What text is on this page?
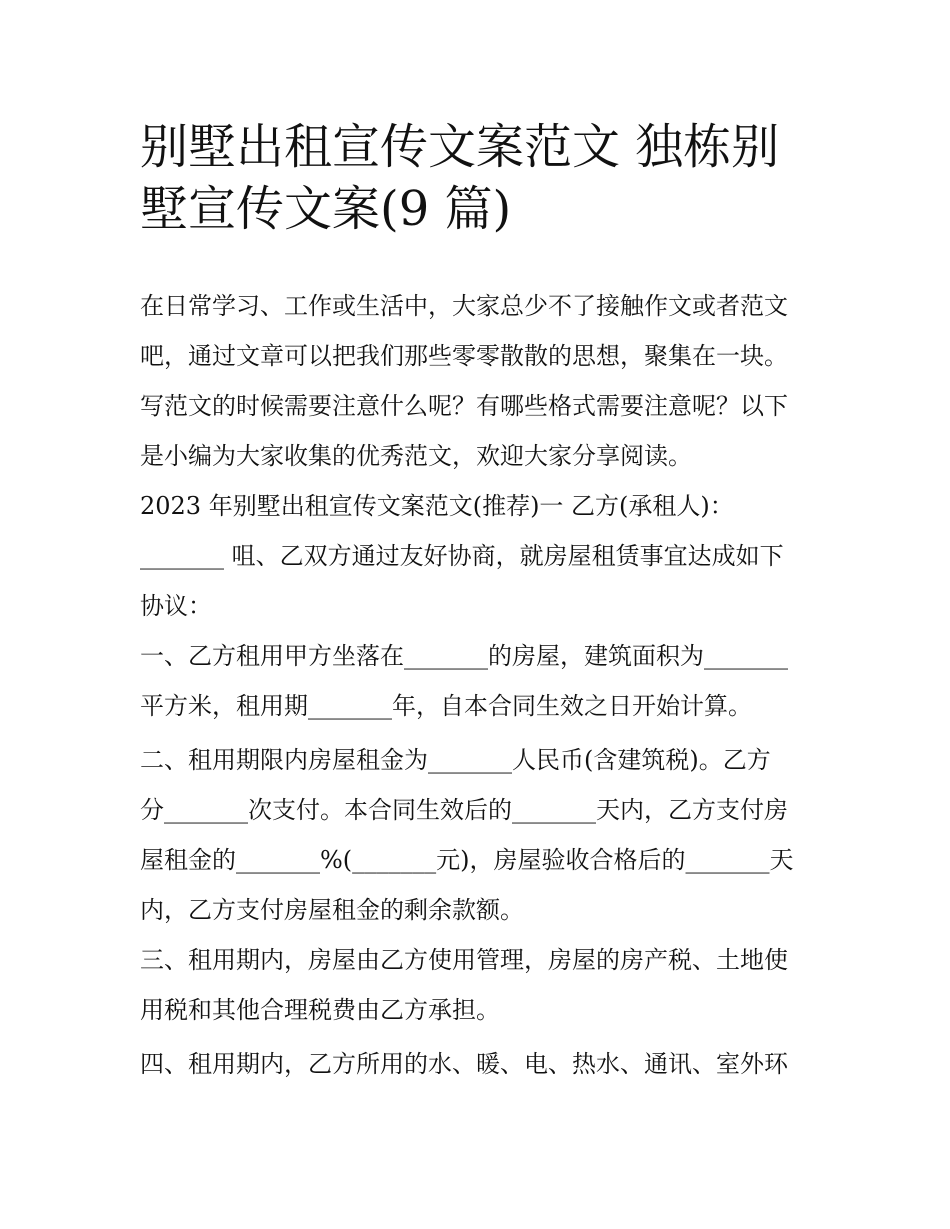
别墅出租宣传文案范文 独栋别
墅宣传文案(9 篇)

在日常学习、工作或生活中，大家总少不了接触作文或者范文

吧，通过文章可以把我们那些零零散散的思想，聚集在一块。

写范文的时候需要注意什么呢？有哪些格式需要注意呢？以下

是小编为大家收集的优秀范文，欢迎大家分享阅读。

2023 年别墅出租宣传文案范文(推荐)一 乙方(承租人)：

_______ 咀、乙双方通过友好协商，就房屋租赁事宜达成如下

协议：

一、乙方租用甲方坐落在_______的房屋，建筑面积为_______

平方米，租用期_______年，自本合同生效之日开始计算。

二、租用期限内房屋租金为_______人民币(含建筑税)。乙方

分_______次支付。本合同生效后的_______天内，乙方支付房

屋租金的_______%(_______元)，房屋验收合格后的_______天

内，乙方支付房屋租金的剩余款额。

三、租用期内，房屋由乙方使用管理，房屋的房产税、土地使

用税和其他合理税费由乙方承担。

四、租用期内，乙方所用的水、暖、电、热水、通讯、室外环
